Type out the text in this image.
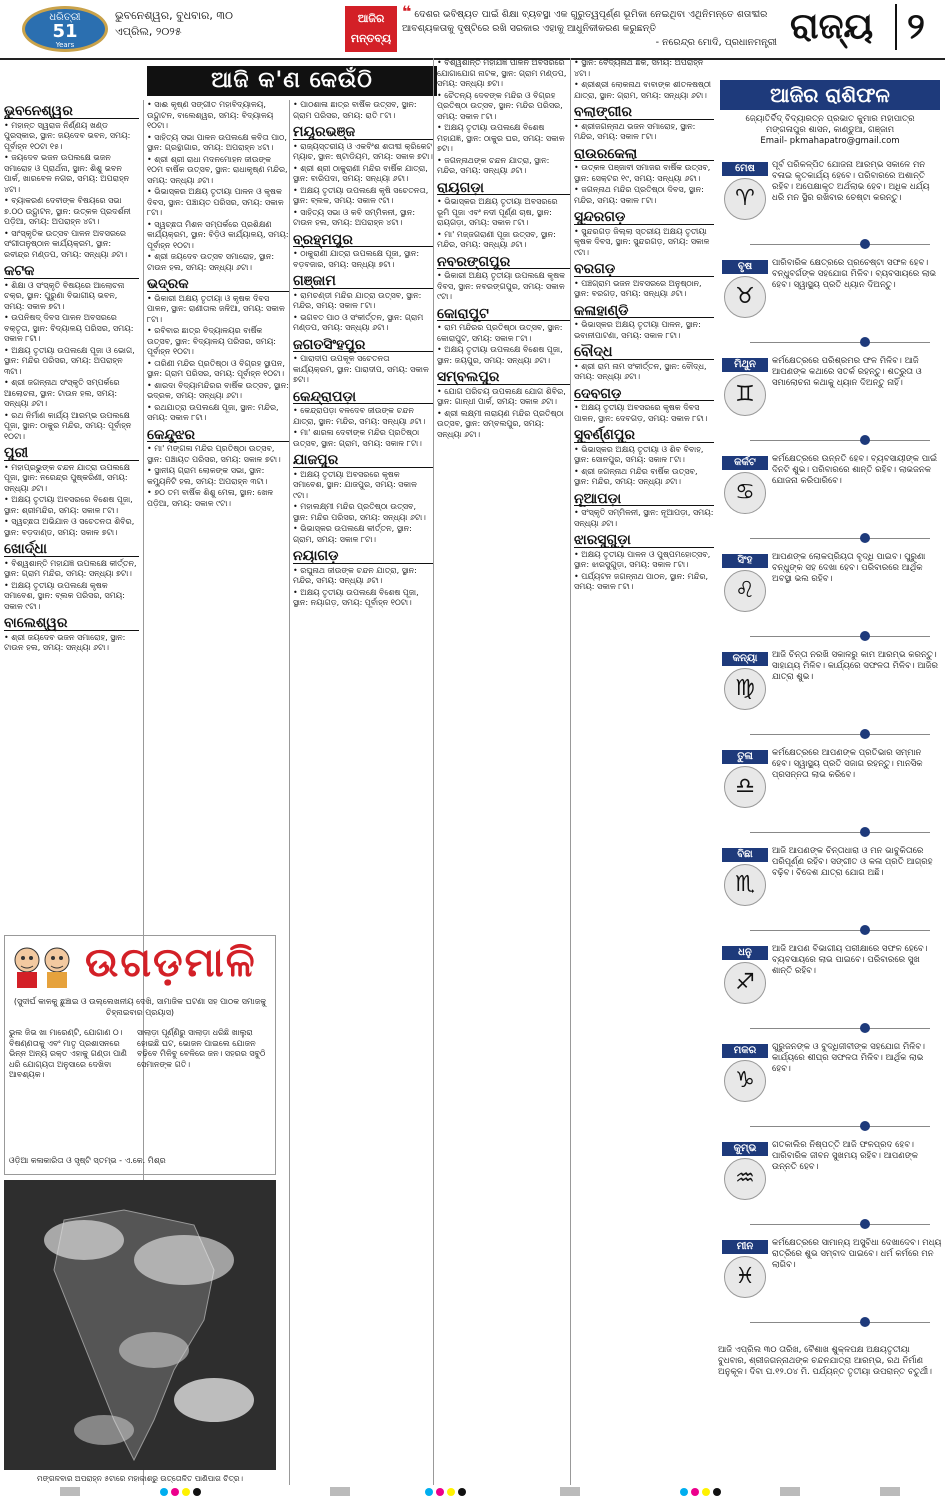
ଧରିତ୍ରୀ
51
Years
ଭୁବନେଶ୍ୱର, ବୁଧବାର, ୩୦ ଏପ୍ରିଲ, ୨୦୨୫
ଆଜିର ମନ୍ତବ୍ୟ
❝ ଦେଶର ଭବିଷ୍ୟତ ପାଇଁ ଶିକ୍ଷା ବ୍ୟବସ୍ଥା ଏକ ଗୁରୁତ୍ୱପୂର୍ଣ୍ଣ ଭୂମିକା ନେଇଥିବା ଏଥିନିମନ୍ତେ ଶତାବ୍ଦୀର ଆବଶ୍ୟକତାକୁ ଦୃଷ୍ଟିରେ ରଖି ସରକାର ଏହାକୁ ଆଧୁନିକୀକରଣ କରୁଛନ୍ତି
- ନରେନ୍ଦ୍ର ମୋଦି, ପ୍ରଧାନମନ୍ତ୍ରୀ ରାଜ୍ୟ ୨
ଆଜି କ'ଣ କେଉଁଠି
ଭୁବନେଶ୍ୱର

• ମହାନ୍ତ ସ୍ୱରାଜ ନିର୍ଣ୍ଣୟ ଖଣ୍ଡ ପୁରସ୍କାର, ସ୍ଥାନ: ଜୟଦେବ ଭବନ, ସମୟ: ପୂର୍ବାହ୍ନ ୧୦ଟା ୧୫।

• ଜୟଦେବ ଭଜନ ଉପଲକ୍ଷେ ଭଜନ ସମାରୋହ ଓ ପ୍ରାର୍ଥନା, ସ୍ଥାନ: ଶିଶୁ ଭବନ ପାର୍କ, ଖାରବେଳ ନଗର, ସମୟ: ଅପରାହ୍ନ ୪ଟା।

• ବ୍ୟାକରଣ ଦେବୀଙ୍କ ବିଷୟରେ ସଭା ୭.୦୦ ଉଦ୍ଘାଟନ, ସ୍ଥାନ: ଉତ୍କଳ ପ୍ରଦର୍ଶନୀ ପଡ଼ିଆ, ସମୟ: ଅପରାହ୍ନ ୪ଟା।

• ସାଂସ୍କୃତିକ ଉତ୍ସବ ପାଳନ ଅବସରରେ ସଂଗୀତାନୁଷ୍ଠାନ କାର୍ଯ୍ୟକ୍ରମ, ସ୍ଥାନ: ରବୀନ୍ଦ୍ର ମଣ୍ଡପ, ସମୟ: ସନ୍ଧ୍ୟା ୬ଟା।

କଟକ

• ଶିକ୍ଷା ଓ ସଂସ୍କୃତି ବିଷୟରେ ଆଲୋଚନା ଚକ୍ର, ସ୍ଥାନ: ପୁରୁଣା ବିଭାଗୀୟ ଭବନ, ସମୟ: ସକାଳ ୭ଟା।

• ଉପନିଷଦ୍ ଦିବସ ପାଳନ ଅବସରରେ ବକ୍ତୃତା, ସ୍ଥାନ: ବିଦ୍ୟାଳୟ ପରିସର, ସମୟ: ସକାଳ ୮ଟା।

• ଅକ୍ଷୟ ତୃତୀୟା ଉପଲକ୍ଷେ ପୂଜା ଓ ଭୋଗ, ସ୍ଥାନ: ମନ୍ଦିର ପରିସର, ସମୟ: ଅପରାହ୍ନ ୩ଟା।

• ଶ୍ରୀ ଜଗନ୍ନାଥ ସଂସ୍କୃତି ସମ୍ପର୍କରେ ଆଲୋଚନା, ସ୍ଥାନ: ଟାଉନ ହଲ, ସମୟ: ସନ୍ଧ୍ୟା ୬ଟା।

• ରଥ ନିର୍ମାଣ କାର୍ଯ୍ୟ ଆରମ୍ଭ ଉପଲକ୍ଷେ ପୂଜା, ସ୍ଥାନ: ଠାକୁର ମନ୍ଦିର, ସମୟ: ପୂର୍ବାହ୍ନ ୧୦ଟା।

ପୁରୀ

• ମହାପ୍ରଭୁଙ୍କ ଚନ୍ଦନ ଯାତ୍ରା ଉପଲକ୍ଷେ ପୂଜା, ସ୍ଥାନ: ନରେନ୍ଦ୍ର ପୁଷ୍କରିଣୀ, ସମୟ: ସନ୍ଧ୍ୟା ୬ଟା।

• ଅକ୍ଷୟ ତୃତୀୟା ଅବସରରେ ବିଶେଷ ପୂଜା, ସ୍ଥାନ: ଶ୍ରୀମନ୍ଦିର, ସମୟ: ସକାଳ ୮ଟା।

• ସ୍ୱଚ୍ଛତା ଅଭିଯାନ ଓ ସଚେତନତା ଶିବିର, ସ୍ଥାନ: ବଡ଼ଦାଣ୍ଡ, ସମୟ: ସକାଳ ୭ଟା।

ଖୋର୍ଦ୍ଧା

• ବିଶ୍ୱଶାନ୍ତି ମହାଯଜ୍ଞ ଉପଲକ୍ଷେ କୀର୍ତ୍ତନ, ସ୍ଥାନ: ଗ୍ରାମ ମନ୍ଦିର, ସମୟ: ସନ୍ଧ୍ୟା ୭ଟା।

• ଅକ୍ଷୟ ତୃତୀୟା ଉପଲକ୍ଷେ କୃଷକ ସମାବେଶ, ସ୍ଥାନ: ବ୍ଲକ ପରିସର, ସମୟ: ସକାଳ ୯ଟା।

ବାଲେଶ୍ୱର

• ଶ୍ରୀ ଜୟଦେବ ଭଜନ ସମାରୋହ, ସ୍ଥାନ: ଟାଉନ ହଲ, ସମୟ: ସନ୍ଧ୍ୟା ୬ଟା।

• ସାଈ କୃଷ୍ଣ ସଙ୍ଗୀତ ମହାବିଦ୍ୟାଳୟ, ଉଦ୍ଘାଟନ, ବାଲେଶ୍ୱର, ସମୟ: ବିଦ୍ୟାଳୟ ୧୦ଟା।

• ସାହିତ୍ୟ ସଭା ପାଳନ ଉପଲକ୍ଷେ କବିତା ପାଠ, ସ୍ଥାନ: ଗ୍ରନ୍ଥାଗାର, ସମୟ: ଅପରାହ୍ନ ୪ଟା।

• ଶ୍ରୀ ଶ୍ରୀ ରାଧା ମଦନମୋହନ ଜୀଉଙ୍କ ୧୦ମ ବାର୍ଷିକ ଉତ୍ସବ, ସ୍ଥାନ: ରାଧାକୃଷ୍ଣ ମନ୍ଦିର, ସମୟ: ସନ୍ଧ୍ୟା ୬ଟା।

• ଭିଭାସ୍କର ଅକ୍ଷୟ ତୃତୀୟା ପାଳନ ଓ କୃଷକ ଦିବସ, ସ୍ଥାନ: ପଞ୍ଚାୟତ ପରିସର, ସମୟ: ସକାଳ ୮ଟା।

• ସ୍ୱଚ୍ଛତା ମିଶନ ସମ୍ପର୍କରେ ପ୍ରଶିକ୍ଷଣ କାର୍ଯ୍ୟକ୍ରମ, ସ୍ଥାନ: ବିଡ଼ିଓ କାର୍ଯ୍ୟାଳୟ, ସମୟ: ପୂର୍ବାହ୍ନ ୧୦ଟା।

• ଶ୍ରୀ ଜୟଦେବ ଉତ୍ସବ ସମାରୋହ, ସ୍ଥାନ: ଟାଉନ ହଲ, ସମୟ: ସନ୍ଧ୍ୟା ୬ଟା।

ଭଦ୍ରକ

• ଭିକାରୀ ଅକ୍ଷୟ ତୃତୀୟା ଓ କୃଷକ ଦିବସ ପାଳନ, ସ୍ଥାନ: ରାଣୀତାଲ ଜଳିଆ, ସମୟ: ସକାଳ ୮ଟା।

• ରବିବାର ଛାତ୍ର ବିଦ୍ୟାଳୟର ବାର୍ଷିକ ଉତ୍ସବ, ସ୍ଥାନ: ବିଦ୍ୟାଳୟ ପରିସର, ସମୟ: ପୂର୍ବାହ୍ନ ୧୦ଟା।

• ତାରିଣୀ ମନ୍ଦିର ପ୍ରତିଷ୍ଠା ଓ ବିଗ୍ରହ ସ୍ଥାପନ, ସ୍ଥାନ: ଗ୍ରାମ ପରିସର, ସମୟ: ପୂର୍ବାହ୍ନ ୧୦ଟା।

• ଶାରଦା ବିଦ୍ୟାମନ୍ଦିରର ବାର୍ଷିକ ଉତ୍ସବ, ସ୍ଥାନ: ଭଦ୍ରକ, ସମୟ: ସନ୍ଧ୍ୟା ୬ଟା।

• ରଥଯାତ୍ରା ଉପଲକ୍ଷେ ପୂଜା, ସ୍ଥାନ: ମନ୍ଦିର, ସମୟ: ସକାଳ ୮ଟା।

କେନ୍ଦୁଝର

• ମା' ମଙ୍ଗଳା ମନ୍ଦିର ପ୍ରତିଷ୍ଠା ଉତ୍ସବ, ସ୍ଥାନ: ପଞ୍ଚାୟତ ପରିସର, ସମୟ: ସକାଳ ୭ଟା।

• ସ୍ଥାନୀୟ ଗ୍ରାମ ଲୋକଙ୍କ ସଭା, ସ୍ଥାନ: କମ୍ୟୁନିଟି ହଲ, ସମୟ: ଅପରାହ୍ନ ୩ଟା।

• ୭୦ ତମ ବାର୍ଷିକ ଶିଶୁ ମେଳା, ସ୍ଥାନ: ଖେଳ ପଡ଼ିଆ, ସମୟ: ସକାଳ ୯ଟା।

• ପାଠଶାଳା ଛାତ୍ର ବାର୍ଷିକ ଉତ୍ସବ, ସ୍ଥାନ: ଗ୍ରାମ ପରିସର, ସମୟ: ରାତି ୮ଟା।

ମୟୂରଭଞ୍ଜ

• ରାଜ୍ୟସ୍ତରୀୟ ଓ ଏକବିଂଶ ଶତାବ୍ଦୀ କ୍ରିକେଟ ମ୍ୟାଚ, ସ୍ଥାନ: ଷ୍ଟାଡିୟମ, ସମୟ: ସକାଳ ୭ଟା।

• ଶ୍ରୀ ଶ୍ରୀ ଠାକୁରାଣୀ ମନ୍ଦିର ବାର୍ଷିକ ଯାତ୍ରା, ସ୍ଥାନ: ବାରିପଦା, ସମୟ: ସନ୍ଧ୍ୟା ୬ଟା।

• ଅକ୍ଷୟ ତୃତୀୟା ଉପଲକ୍ଷେ କୃଷି ସଚେତନତା, ସ୍ଥାନ: ବ୍ଲକ, ସମୟ: ସକାଳ ୯ଟା।

• ସାହିତ୍ୟ ସଭା ଓ କବି ସମ୍ମିଳନୀ, ସ୍ଥାନ: ଟାଉନ ହଲ, ସମୟ: ଅପରାହ୍ନ ୪ଟା।

ବ୍ରହ୍ମପୁର

• ଠାକୁରାଣୀ ଯାତ୍ରା ଉପଲକ୍ଷେ ପୂଜା, ସ୍ଥାନ: ବଡ଼ବଜାର, ସମୟ: ସନ୍ଧ୍ୟା ୭ଟା।

ଗଞ୍ଜାମ

• ରାମଚଣ୍ଡୀ ମନ୍ଦିର ଯାତ୍ରା ଉତ୍ସବ, ସ୍ଥାନ: ମନ୍ଦିର, ସମୟ: ସକାଳ ୮ଟା।

• ଭଗବତ ପାଠ ଓ ସଂକୀର୍ତ୍ତନ, ସ୍ଥାନ: ଗ୍ରାମ ମଣ୍ଡପ, ସମୟ: ସନ୍ଧ୍ୟା ୬ଟା।

ଜଗତସିଂହପୁର

• ପାରାଦୀପ ଉପକୂଳ ସଚେତନତା କାର୍ଯ୍ୟକ୍ରମ, ସ୍ଥାନ: ପାରାଦୀପ, ସମୟ: ସକାଳ ୭ଟା।

କେନ୍ଦ୍ରାପଡ଼ା

• କେନ୍ଦ୍ରାପଡ଼ା ବଳଦେବ ଜୀଉଙ୍କ ଚନ୍ଦନ ଯାତ୍ରା, ସ୍ଥାନ: ମନ୍ଦିର, ସମୟ: ସନ୍ଧ୍ୟା ୬ଟା।

• ମା' ଶାରଳା ଦେବୀଙ୍କ ମନ୍ଦିର ପ୍ରତିଷ୍ଠା ଉତ୍ସବ, ସ୍ଥାନ: ଗ୍ରାମ, ସମୟ: ସକାଳ ୮ଟା।

ଯାଜପୁର

• ଅକ୍ଷୟ ତୃତୀୟା ଅବସରରେ କୃଷକ ସମାବେଶ, ସ୍ଥାନ: ଯାଜପୁର, ସମୟ: ସକାଳ ୯ଟା।

• ମହାଲକ୍ଷ୍ମୀ ମନ୍ଦିର ପ୍ରତିଷ୍ଠା ଉତ୍ସବ, ସ୍ଥାନ: ମନ୍ଦିର ପରିସର, ସମୟ: ସନ୍ଧ୍ୟା ୬ଟା।

• ଭିଭାସ୍କର ଉପଲକ୍ଷେ କୀର୍ତ୍ତନ, ସ୍ଥାନ: ଗ୍ରାମ, ସମୟ: ସକାଳ ୮ଟା।

ନୟାଗଡ଼

• ରଘୁନାଥ ଜୀଉଙ୍କ ଚନ୍ଦନ ଯାତ୍ରା, ସ୍ଥାନ: ମନ୍ଦିର, ସମୟ: ସନ୍ଧ୍ୟା ୬ଟା।

• ଅକ୍ଷୟ ତୃତୀୟା ଉପଲକ୍ଷେ ବିଶେଷ ପୂଜା, ସ୍ଥାନ: ନୟାଗଡ଼, ସମୟ: ପୂର୍ବାହ୍ନ ୧୦ଟା।

• ବିଶ୍ୱଶାନ୍ତି ମହାଯଜ୍ଞ ପାଳନ ଅବସରରେ ଯୋଗାଯୋଗ ନାଟକ, ସ୍ଥାନ: ଗ୍ରାମ ମଣ୍ଡପ, ସମୟ: ସନ୍ଧ୍ୟା ୭ଟା।

• ଚୈତନ୍ୟ ଦେବଙ୍କ ମନ୍ଦିର ଓ ବିଗ୍ରହ ପ୍ରତିଷ୍ଠା ଉତ୍ସବ, ସ୍ଥାନ: ମନ୍ଦିର ପରିସର, ସମୟ: ସକାଳ ୮ଟା।

• ଅକ୍ଷୟ ତୃତୀୟା ଉପଲକ୍ଷେ ବିଶେଷ ମହାଯଜ୍ଞ, ସ୍ଥାନ: ଠାକୁର ଘର, ସମୟ: ସକାଳ ୭ଟା।

• ଜଗନ୍ନାଥଙ୍କ ଚନ୍ଦନ ଯାତ୍ରା, ସ୍ଥାନ: ମନ୍ଦିର, ସମୟ: ସନ୍ଧ୍ୟା ୬ଟା।

ରାୟଗଡ଼ା

• ଭିଭାସ୍କର ଅକ୍ଷୟ ତୃତୀୟା ଅବସରରେ ଭୂମି ପୂଜା ଏବଂ ନଦୀ ପୂର୍ଣ୍ଣ ଚାଷ, ସ୍ଥାନ: ରାୟଗଡ଼ା, ସମୟ: ସକାଳ ୮ଟା।

• ମା' ମଜ୍ଜଗରାଣୀ ପୂଜା ଉତ୍ସବ, ସ୍ଥାନ: ମନ୍ଦିର, ସମୟ: ସନ୍ଧ୍ୟା ୬ଟା।

ନବରଙ୍ଗପୁର

• ଭିକାରୀ ଅକ୍ଷୟ ତୃତୀୟା ଉପଲକ୍ଷେ କୃଷକ ଦିବସ, ସ୍ଥାନ: ନବରଙ୍ଗପୁର, ସମୟ: ସକାଳ ୯ଟା।

କୋରାପୁଟ

• ରାମ ମନ୍ଦିରର ପ୍ରତିଷ୍ଠା ଉତ୍ସବ, ସ୍ଥାନ: କୋରାପୁଟ, ସମୟ: ସକାଳ ୮ଟା।

• ଅକ୍ଷୟ ତୃତୀୟା ଉପଲକ୍ଷେ ବିଶେଷ ପୂଜା, ସ୍ଥାନ: ଜୟପୁର, ସମୟ: ସନ୍ଧ୍ୟା ୬ଟା।

ସମ୍ବଲପୁର

• ଯୋଗ ପରିଚୟ ଉପଲକ୍ଷେ ଯୋଗ ଶିବିର, ସ୍ଥାନ: ଗାନ୍ଧୀ ପାର୍କ, ସମୟ: ସକାଳ ୬ଟା।

• ଶ୍ରୀ ଲକ୍ଷ୍ମୀ ନାରାୟଣ ମନ୍ଦିର ପ୍ରତିଷ୍ଠା ଉତ୍ସବ, ସ୍ଥାନ: ସମ୍ବଲପୁର, ସମୟ: ସନ୍ଧ୍ୟା ୬ଟା।

• ସ୍ଥାନ: ବୈଦ୍ୟନାଥ ଛକ, ସମୟ: ଅପରାହ୍ନ ୪ଟା।

• ଶ୍ରୀଶ୍ରୀ ଲୋକନାଥ ବାବାଙ୍କ ଶୀତଳଷଷ୍ଠୀ ଯାତ୍ରା, ସ୍ଥାନ: ଗ୍ରାମ, ସମୟ: ସନ୍ଧ୍ୟା ୬ଟା।

ବଲାଙ୍ଗୀର

• ଶ୍ରୀଜଗନ୍ନାଥ ଭଜନ ସମାରୋହ, ସ୍ଥାନ: ମନ୍ଦିର, ସମୟ: ସକାଳ ୮ଟା।

ରାଉରକେଲା

• ଉତ୍କଳ ପଞ୍ଜାବୀ ସମାଜର ବାର୍ଷିକ ଉତ୍ସବ, ସ୍ଥାନ: ସେକ୍ଟର ୧୯, ସମୟ: ସନ୍ଧ୍ୟା ୬ଟା।

• ଜଗନ୍ନାଥ ମନ୍ଦିର ପ୍ରତିଷ୍ଠା ଦିବସ, ସ୍ଥାନ: ମନ୍ଦିର, ସମୟ: ସକାଳ ୮ଟା।

ସୁନ୍ଦରଗଡ଼

• ସୁନ୍ଦରଗଡ଼ ଜିଲ୍ଲା ସ୍ତରୀୟ ଅକ୍ଷୟ ତୃତୀୟା କୃଷକ ଦିବସ, ସ୍ଥାନ: ସୁନ୍ଦରଗଡ଼, ସମୟ: ସକାଳ ୯ଟା।

ବରଗଡ଼

• ପଞ୍ଚଗ୍ରାମ ଭଜନ ଅବସରରେ ଅନୁଷ୍ଠାନ, ସ୍ଥାନ: ବରଗଡ଼, ସମୟ: ସନ୍ଧ୍ୟା ୬ଟା।

କଳାହାଣ୍ଡି

• ଭିଭାସ୍କର ଅକ୍ଷୟ ତୃତୀୟା ପାଳନ, ସ୍ଥାନ: ଭବାନୀପାଟଣା, ସମୟ: ସକାଳ ୮ଟା।

ବୌଦ୍ଧ

• ଶ୍ରୀ ରାମ ନାମ ସଂକୀର୍ତ୍ତନ, ସ୍ଥାନ: ବୌଦ୍ଧ, ସମୟ: ସନ୍ଧ୍ୟା ୬ଟା।

ଦେବଗଡ଼

• ଅକ୍ଷୟ ତୃତୀୟା ଅବସରରେ କୃଷକ ଦିବସ ପାଳନ, ସ୍ଥାନ: ଦେବଗଡ଼, ସମୟ: ସକାଳ ୮ଟା।

ସୁବର୍ଣ୍ଣପୁର

• ଭିଭାସ୍କର ଅକ୍ଷୟ ତୃତୀୟା ଓ ଶିବ ବିବାହ, ସ୍ଥାନ: ସୋନପୁର, ସମୟ: ସକାଳ ୮ଟା।

• ଶ୍ରୀ ଜଗନ୍ନାଥ ମନ୍ଦିର ବାର୍ଷିକ ଉତ୍ସବ, ସ୍ଥାନ: ମନ୍ଦିର, ସମୟ: ସନ୍ଧ୍ୟା ୬ଟା।

ନୂଆପଡ଼ା

• ସଂସ୍କୃତି ସମ୍ମିଳନୀ, ସ୍ଥାନ: ନୂଆପଡ଼ା, ସମୟ: ସନ୍ଧ୍ୟା ୬ଟା।

ଝାରସୁଗୁଡ଼ା

• ଅକ୍ଷୟ ତୃତୀୟା ପାଳନ ଓ ପୁଷ୍ପମହୋତ୍ସବ, ସ୍ଥାନ: ଝାରସୁଗୁଡ଼ା, ସମୟ: ସକାଳ ୮ଟା।

• ପର୍ଯ୍ୟଟନ ଜଗନ୍ନାଥ ପାଠନ, ସ୍ଥାନ: ମନ୍ଦିର, ସମୟ: ସକାଳ ୮ଟା।

ଉଗଡ଼ମାଳି
(ସୁଦୀର୍ଘ କାଳକୁ ଛୁଞ୍ଚାଇ ଓ ଉଲ୍ଲେଖନୀୟ ଦେଖି, ସାମାଜିକ ଘଟଣା ସହ ପାଠକ ସମାଜକୁ ଚିହ୍ନାଇବାର ପ୍ରୟାସ)
ଭୁଲ ଜିଭ ଖା ମାରେଣ୍ଟି, ଯୋଗାଣ ୦। ବିଷଣ୍ଣତାକୁ ଏବଂ ମାତୃ ପ୍ରଶାସନରେ ଭିନ୍ନ ଅନ୍ୟ ରକ୍ତ ଏହାକୁ ଗଣ୍ଡା ପାଣି ଧରି ଯୋଗ୍ୟତା ଅନୁସାରେ ଦେଖିବା ଆବଶ୍ୟକ।
ସାଲାଡ଼ା ପୂର୍ଣ୍ଣିରୁ ସାଲାଡ଼ା ଧରିଛି ଖାଲୁରା ହୋଇଛି ଘଟ, ଭୋଜନ ପାଇଲେ ଯୋଜନ ବଢ଼ିବେ ମିଳିବୁ ବେଳିରେ ଜନ। ସହରର ସବୁଠି ସେମାନଙ୍କ ଗତି।
ଓଡ଼ିଆ କଳାକାରିତା ଓ ସୃଷ୍ଟି ସ୍ତମ୍ଭ - ଏ.କେ. ମିଶ୍ର
ମଙ୍ଗଳବାର ଅପରାହ୍ନ ୫ଟାରେ ମହାକାଶରୁ ଉତ୍ତୋଳିତ ପାଣିପାଗ ଚିତ୍ର।
ଆଜିର ରାଶିଫଳ
ଜ୍ୟୋତିର୍ବିଦ୍ ବିଦ୍ୟାରତ୍ନ ପ୍ରଭାତ କୁମାର ମହାପାତ୍ର
ମଙ୍ଗଳାପୁର ଶାସନ, କାଣ୍ଡୁଆ, ଗଞ୍ଜାମ
Email- pkmahapatro@gmail.com
ମେଷ
♈
ପୂର୍ବ ପରିକଳ୍ପିତ ଯୋଜନା ଆରମ୍ଭ ସକାଳେ ମନ ବଳାଇ କୃତକାର୍ଯ୍ୟ ହେବେ। ପରିବାରରେ ଅଶାନ୍ତି ରହିବ। ଅପେକ୍ଷାକୃତ ଅର୍ଥଲାଭ ହେବ। ଅଧିକ ଧର୍ଯ୍ୟ ଧରି ମନ ସ୍ଥିର ରଖିବାର ଚେଷ୍ଟା କରନ୍ତୁ।
ବୃଷ
♉
ପାରିବାରିକ କ୍ଷେତ୍ରରେ ପ୍ରଚେଷ୍ଟା ସଫଳ ହେବ। ବନ୍ଧୁବର୍ଗଙ୍କ ସହଯୋଗ ମିଳିବ। ବ୍ୟବସାୟରେ ଲାଭ ହେବ। ସ୍ୱାସ୍ଥ୍ୟ ପ୍ରତି ଧ୍ୟାନ ଦିଅନ୍ତୁ।
ମିଥୁନ
♊
କର୍ମକ୍ଷେତ୍ରରେ ପରିଶ୍ରମର ଫଳ ମିଳିବ। ଆଜି ଆପଣଙ୍କ କଥାରେ ସତର୍କ ରହନ୍ତୁ। ଶତ୍ରୁତା ଓ ସମାଲୋଚନା କଥାକୁ ଧ୍ୟାନ ଦିଅନ୍ତୁ ନାହିଁ।
କର୍କଟ
♋
କର୍ମକ୍ଷେତ୍ରରେ ଉନ୍ନତି ହେବ। ବ୍ୟବସାୟୀଙ୍କ ପାଇଁ ଦିନଟି ଶୁଭ। ପରିବାରରେ ଶାନ୍ତି ରହିବ। ଲାଭଜନକ ଯୋଜନା କରିପାରିବେ।
ସିଂହ
♌
ଆପଣଙ୍କ ଲୋକପ୍ରିୟତା ବୃଦ୍ଧି ପାଇବ। ପୁରୁଣା ବନ୍ଧୁଙ୍କ ସହ ଦେଖା ହେବ। ପରିବାରରେ ଆର୍ଥିକ ଅବସ୍ଥା ଭଲ ରହିବ।
କନ୍ୟା
♍
ଆଜି ଚିନ୍ତା ନରଖି ସକାଳରୁ କାମ ଆରମ୍ଭ କରନ୍ତୁ। ସାହାଯ୍ୟ ମିଳିବ। କାର୍ଯ୍ୟରେ ସଫଳତା ମିଳିବ। ଆଜିର ଯାତ୍ରା ଶୁଭ।
ତୁଳା
♎
କର୍ମକ୍ଷେତ୍ରରେ ଆପଣଙ୍କ ପ୍ରତିଭାର ସମ୍ମାନ ହେବ। ସ୍ୱାସ୍ଥ୍ୟ ପ୍ରତି ସଜାଗ ରହନ୍ତୁ। ମାନସିକ ପ୍ରସନ୍ନତା ଲାଭ କରିବେ।
ବିଛା
♏
ଆଜି ଆପଣଙ୍କ ଚିନ୍ତାଧାରା ଓ ମନ ଭାବୁକିତାରେ ପରିପୂର୍ଣ୍ଣ ରହିବ। ସଙ୍ଗୀତ ଓ କଳା ପ୍ରତି ଆଗ୍ରହ ବଢ଼ିବ। ବିଦେଶ ଯାତ୍ରା ଯୋଗ ଅଛି।
ଧନୁ
♐
ଆଜି ଆପଣ ବିଭାଗୀୟ ପରୀକ୍ଷାରେ ସଫଳ ହେବେ। ବ୍ୟବସାୟରେ ଲାଭ ପାଇବେ। ପରିବାରରେ ସୁଖ ଶାନ୍ତି ରହିବ।
ମକର
♑
ଗୁରୁଜନଙ୍କ ଓ ବୁଦ୍ଧିଜୀବୀଙ୍କ ସହଯୋଗ ମିଳିବ। କାର୍ଯ୍ୟରେ ଶୀଘ୍ର ସଫଳତା ମିଳିବ। ଆର୍ଥିକ ଲାଭ ହେବ।
କୁମ୍ଭ
♒
ଗତକାଲିର ନିଷ୍ପତ୍ତି ଆଜି ଫଳପ୍ରଦ ହେବ। ପାରିବାରିକ ଜୀବନ ସୁଖମୟ ରହିବ। ଆପଣଙ୍କ ଉନ୍ନତି ହେବ।
ମୀନ
♓
କର୍ମକ୍ଷେତ୍ରରେ ସାମାନ୍ୟ ଅସୁବିଧା ଦେଖାଦେବ। ମଧ୍ୟ ରାତ୍ରିରେ ଶୁଭ ସମ୍ବାଦ ପାଇବେ। ଧର୍ମ କର୍ମରେ ମନ ଲାଗିବ।
ଆଜି ଏପ୍ରିଲ ୩୦ ତାରିଖ, ବୈଶାଖ ଶୁକ୍ଳପକ୍ଷ ଅକ୍ଷୟତୃତୀୟା ବୁଧବାର, ଶ୍ରୀଜଗନ୍ନାଥଙ୍କ ଚନ୍ଦନଯାତ୍ରା ଆରମ୍ଭ, ରଥ ନିର୍ମାଣ ଅନୁକୂଳ। ଦିବା ଘ.୧୨.୦୪ ମି. ପର୍ଯ୍ୟନ୍ତ ତୃତୀୟା ଉପରାନ୍ତ ଚତୁର୍ଥୀ।
